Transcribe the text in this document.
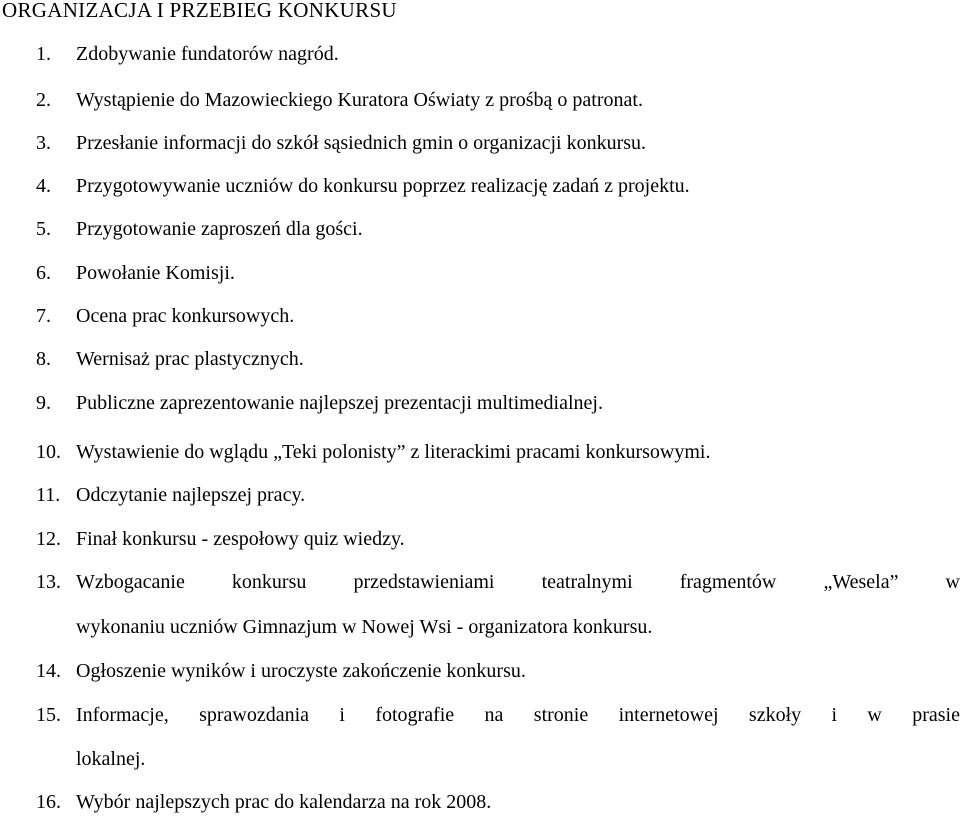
ORGANIZACJA I PRZEBIEG KONKURSU
1. Zdobywanie fundatorów nagród.
2. Wystąpienie do Mazowieckiego Kuratora Oświaty z prośbą o patronat.
3. Przesłanie informacji do szkół sąsiednich gmin o organizacji konkursu.
4. Przygotowywanie uczniów do konkursu poprzez realizację zadań z projektu.
5. Przygotowanie zaproszeń dla gości.
6. Powołanie Komisji.
7. Ocena prac konkursowych.
8. Wernisaż prac plastycznych.
9. Publiczne zaprezentowanie najlepszej prezentacji multimedialnej.
10. Wystawienie do wglądu „Teki polonisty” z literackimi pracami konkursowymi.
11. Odczytanie najlepszej pracy.
12. Finał konkursu - zespołowy quiz wiedzy.
13. Wzbogacanie konkursu przedstawieniami teatralnymi fragmentów „Wesela” w
wykonaniu uczniów Gimnazjum w Nowej Wsi - organizatora konkursu.
14. Ogłoszenie wyników i uroczyste zakończenie konkursu.
15. Informacje, sprawozdania i fotografie na stronie internetowej szkoły i w prasie
lokalnej.
16. Wybór najlepszych prac do kalendarza na rok 2008.
